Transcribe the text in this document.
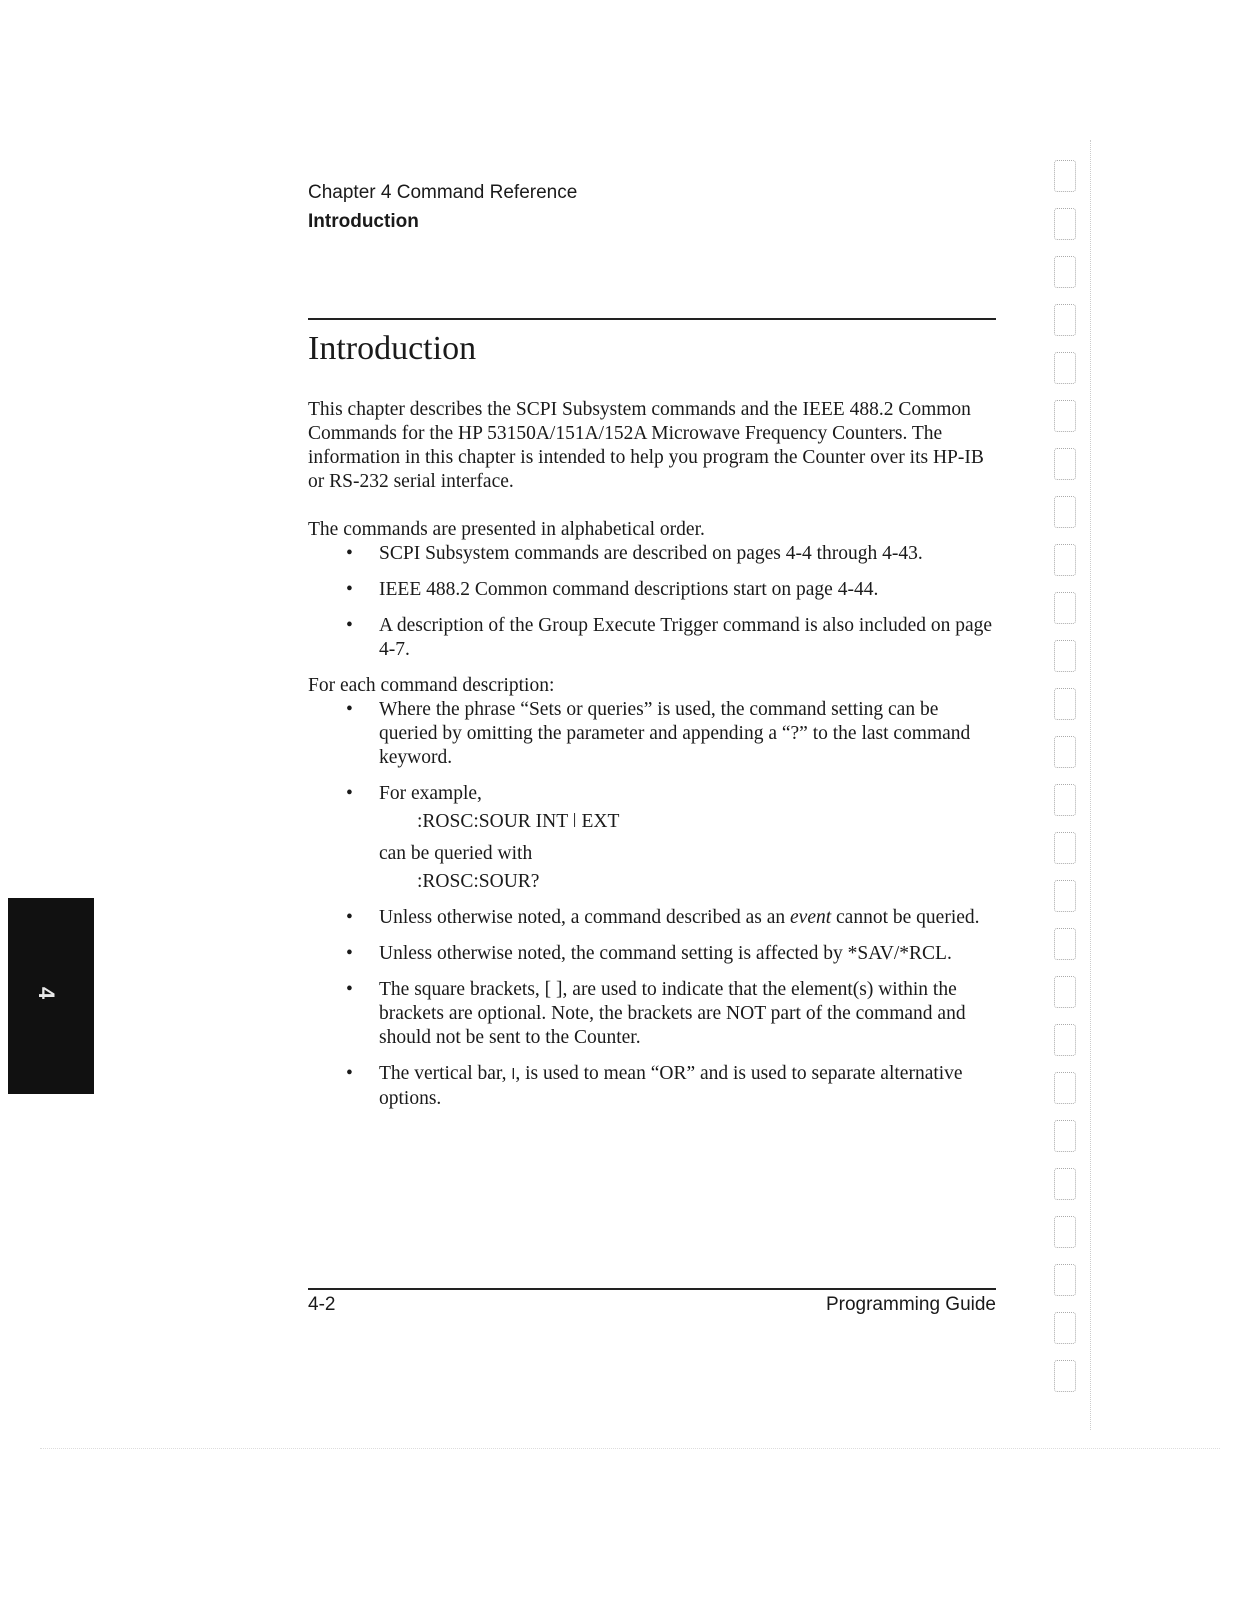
Chapter 4 Command Reference
Introduction
Introduction

This chapter describes the SCPI Subsystem commands and the IEEE 488.2 Common Commands for the HP 53150A/151A/152A Microwave Frequency Counters. The information in this chapter is intended to help you program the Counter over its HP-IB or RS-232 serial interface.

The commands are presented in alphabetical order.

• SCPI Subsystem commands are described on pages 4-4 through 4-43.
• IEEE 488.2 Common command descriptions start on page 4-44.
• A description of the Group Execute Trigger command is also included on page 4-7.

For each command description:

• Where the phrase “Sets or queries” is used, the command setting can be queried by omitting the parameter and appending a “?” to the last command keyword.
• For example,
:ROSC:SOUR INT ǀ EXT
can be queried with
:ROSC:SOUR?
• Unless otherwise noted, a command described as an event cannot be queried.
• Unless otherwise noted, the command setting is affected by *SAV/*RCL.
• The square brackets, [ ], are used to indicate that the element(s) within the brackets are optional. Note, the brackets are NOT part of the command and should not be sent to the Counter.
• The vertical bar, ǀ, is used to mean “OR” and is used to separate alternative options.
4-2	Programming Guide
4
